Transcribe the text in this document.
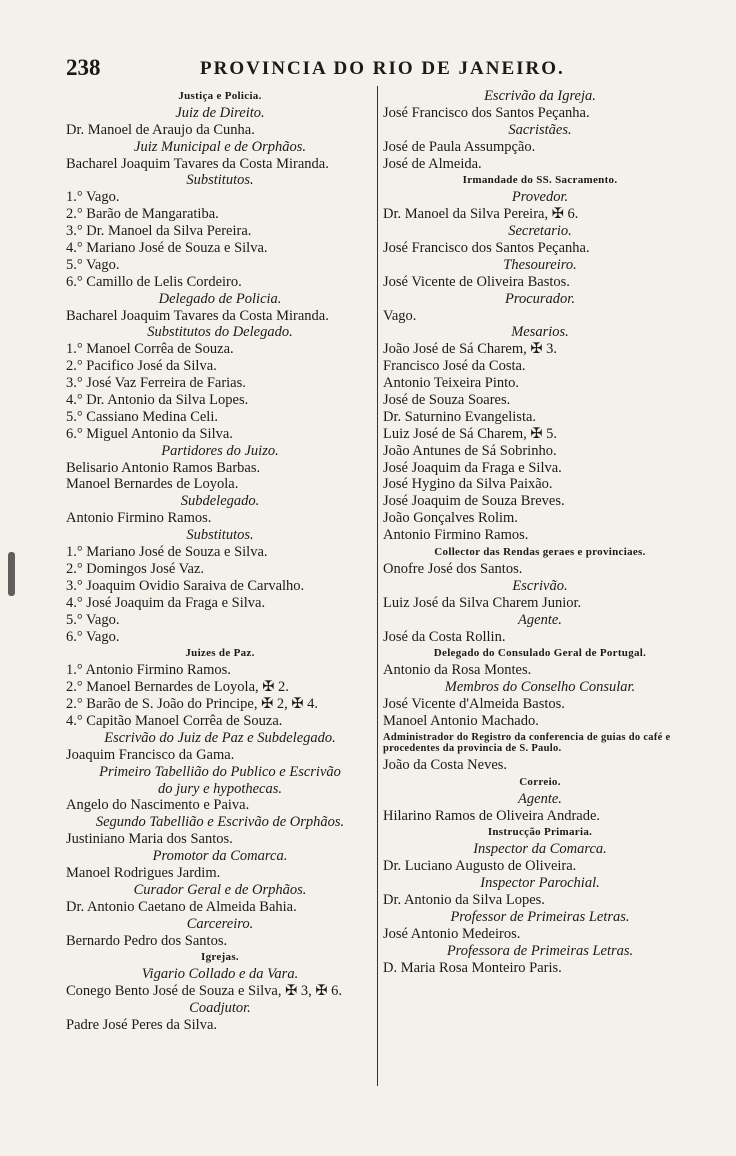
238	PROVINCIA DO RIO DE JANEIRO.
Justiça e Policia.
Juiz de Direito.
Dr. Manoel de Araujo da Cunha.
Juiz Municipal e de Orphãos.
Bacharel Joaquim Tavares da Costa Miranda.
Substitutos.
1.° Vago.
2.° Barão de Mangaratiba.
3.° Dr. Manoel da Silva Pereira.
4.° Mariano José de Souza e Silva.
5.° Vago.
6.° Camillo de Lelis Cordeiro.
Delegado de Policia.
Bacharel Joaquim Tavares da Costa Miranda.
Substitutos do Delegado.
1.° Manoel Corrêa de Souza.
2.° Pacifico José da Silva.
3.° José Vaz Ferreira de Farias.
4.° Dr. Antonio da Silva Lopes.
5.° Cassiano Medina Celi.
6.° Miguel Antonio da Silva.
Partidores do Juizo.
Belisario Antonio Ramos Barbas.
Manoel Bernardes de Loyola.
Subdelegado.
Antonio Firmino Ramos.
Substitutos.
1.° Mariano José de Souza e Silva.
2.° Domingos José Vaz.
3.° Joaquim Ovidio Saraiva de Carvalho.
4.° José Joaquim da Fraga e Silva.
5.° Vago.
6.° Vago.
Juizes de Paz.
1.° Antonio Firmino Ramos.
2.° Manoel Bernardes de Loyola, ✠ 2.
2.° Barão de S. João do Principe, ✠ 2, ✠ 4.
4.° Capitão Manoel Corrêa de Souza.
Escrivão do Juiz de Paz e Subdelegado.
Joaquim Francisco da Gama.
Primeiro Tabellião do Publico e Escrivão
do jury e hypothecas.
Angelo do Nascimento e Paiva.
Segundo Tabellião e Escrivão de Orphãos.
Justiniano Maria dos Santos.
Promotor da Comarca.
Manoel Rodrigues Jardim.
Curador Geral e de Orphãos.
Dr. Antonio Caetano de Almeida Bahia.
Carcereiro.
Bernardo Pedro dos Santos.
Igrejas.
Vigario Collado e da Vara.
Conego Bento José de Souza e Silva, ✠ 3, ✠ 6.
Coadjutor.
Padre José Peres da Silva.
Escrivão da Igreja.
José Francisco dos Santos Peçanha.
Sacristães.
José de Paula Assumpção.
José de Almeida.
Irmandade do SS. Sacramento.
Provedor.
Dr. Manoel da Silva Pereira, ✠ 6.
Secretario.
José Francisco dos Santos Peçanha.
Thesoureiro.
José Vicente de Oliveira Bastos.
Procurador.
Vago.
Mesarios.
João José de Sá Charem, ✠ 3.
Francisco José da Costa.
Antonio Teixeira Pinto.
José de Souza Soares.
Dr. Saturnino Evangelista.
Luiz José de Sá Charem, ✠ 5.
João Antunes de Sá Sobrinho.
José Joaquim da Fraga e Silva.
José Hygino da Silva Paixão.
José Joaquim de Souza Breves.
João Gonçalves Rolim.
Antonio Firmino Ramos.
Collector das Rendas geraes e provinciaes.
Onofre José dos Santos.
Escrivão.
Luiz José da Silva Charem Junior.
Agente.
José da Costa Rollin.
Delegado do Consulado Geral de Portugal.
Antonio da Rosa Montes.
Membros do Conselho Consular.
José Vicente d'Almeida Bastos.
Manoel Antonio Machado.
Administrador do Registro da conferencia de guias do café e procedentes da provincia de S. Paulo.
João da Costa Neves.
Correio.
Agente.
Hilarino Ramos de Oliveira Andrade.
Instrucção Primaria.
Inspector da Comarca.
Dr. Luciano Augusto de Oliveira.
Inspector Parochial.
Dr. Antonio da Silva Lopes.
Professor de Primeiras Letras.
José Antonio Medeiros.
Professora de Primeiras Letras.
D. Maria Rosa Monteiro Paris.
